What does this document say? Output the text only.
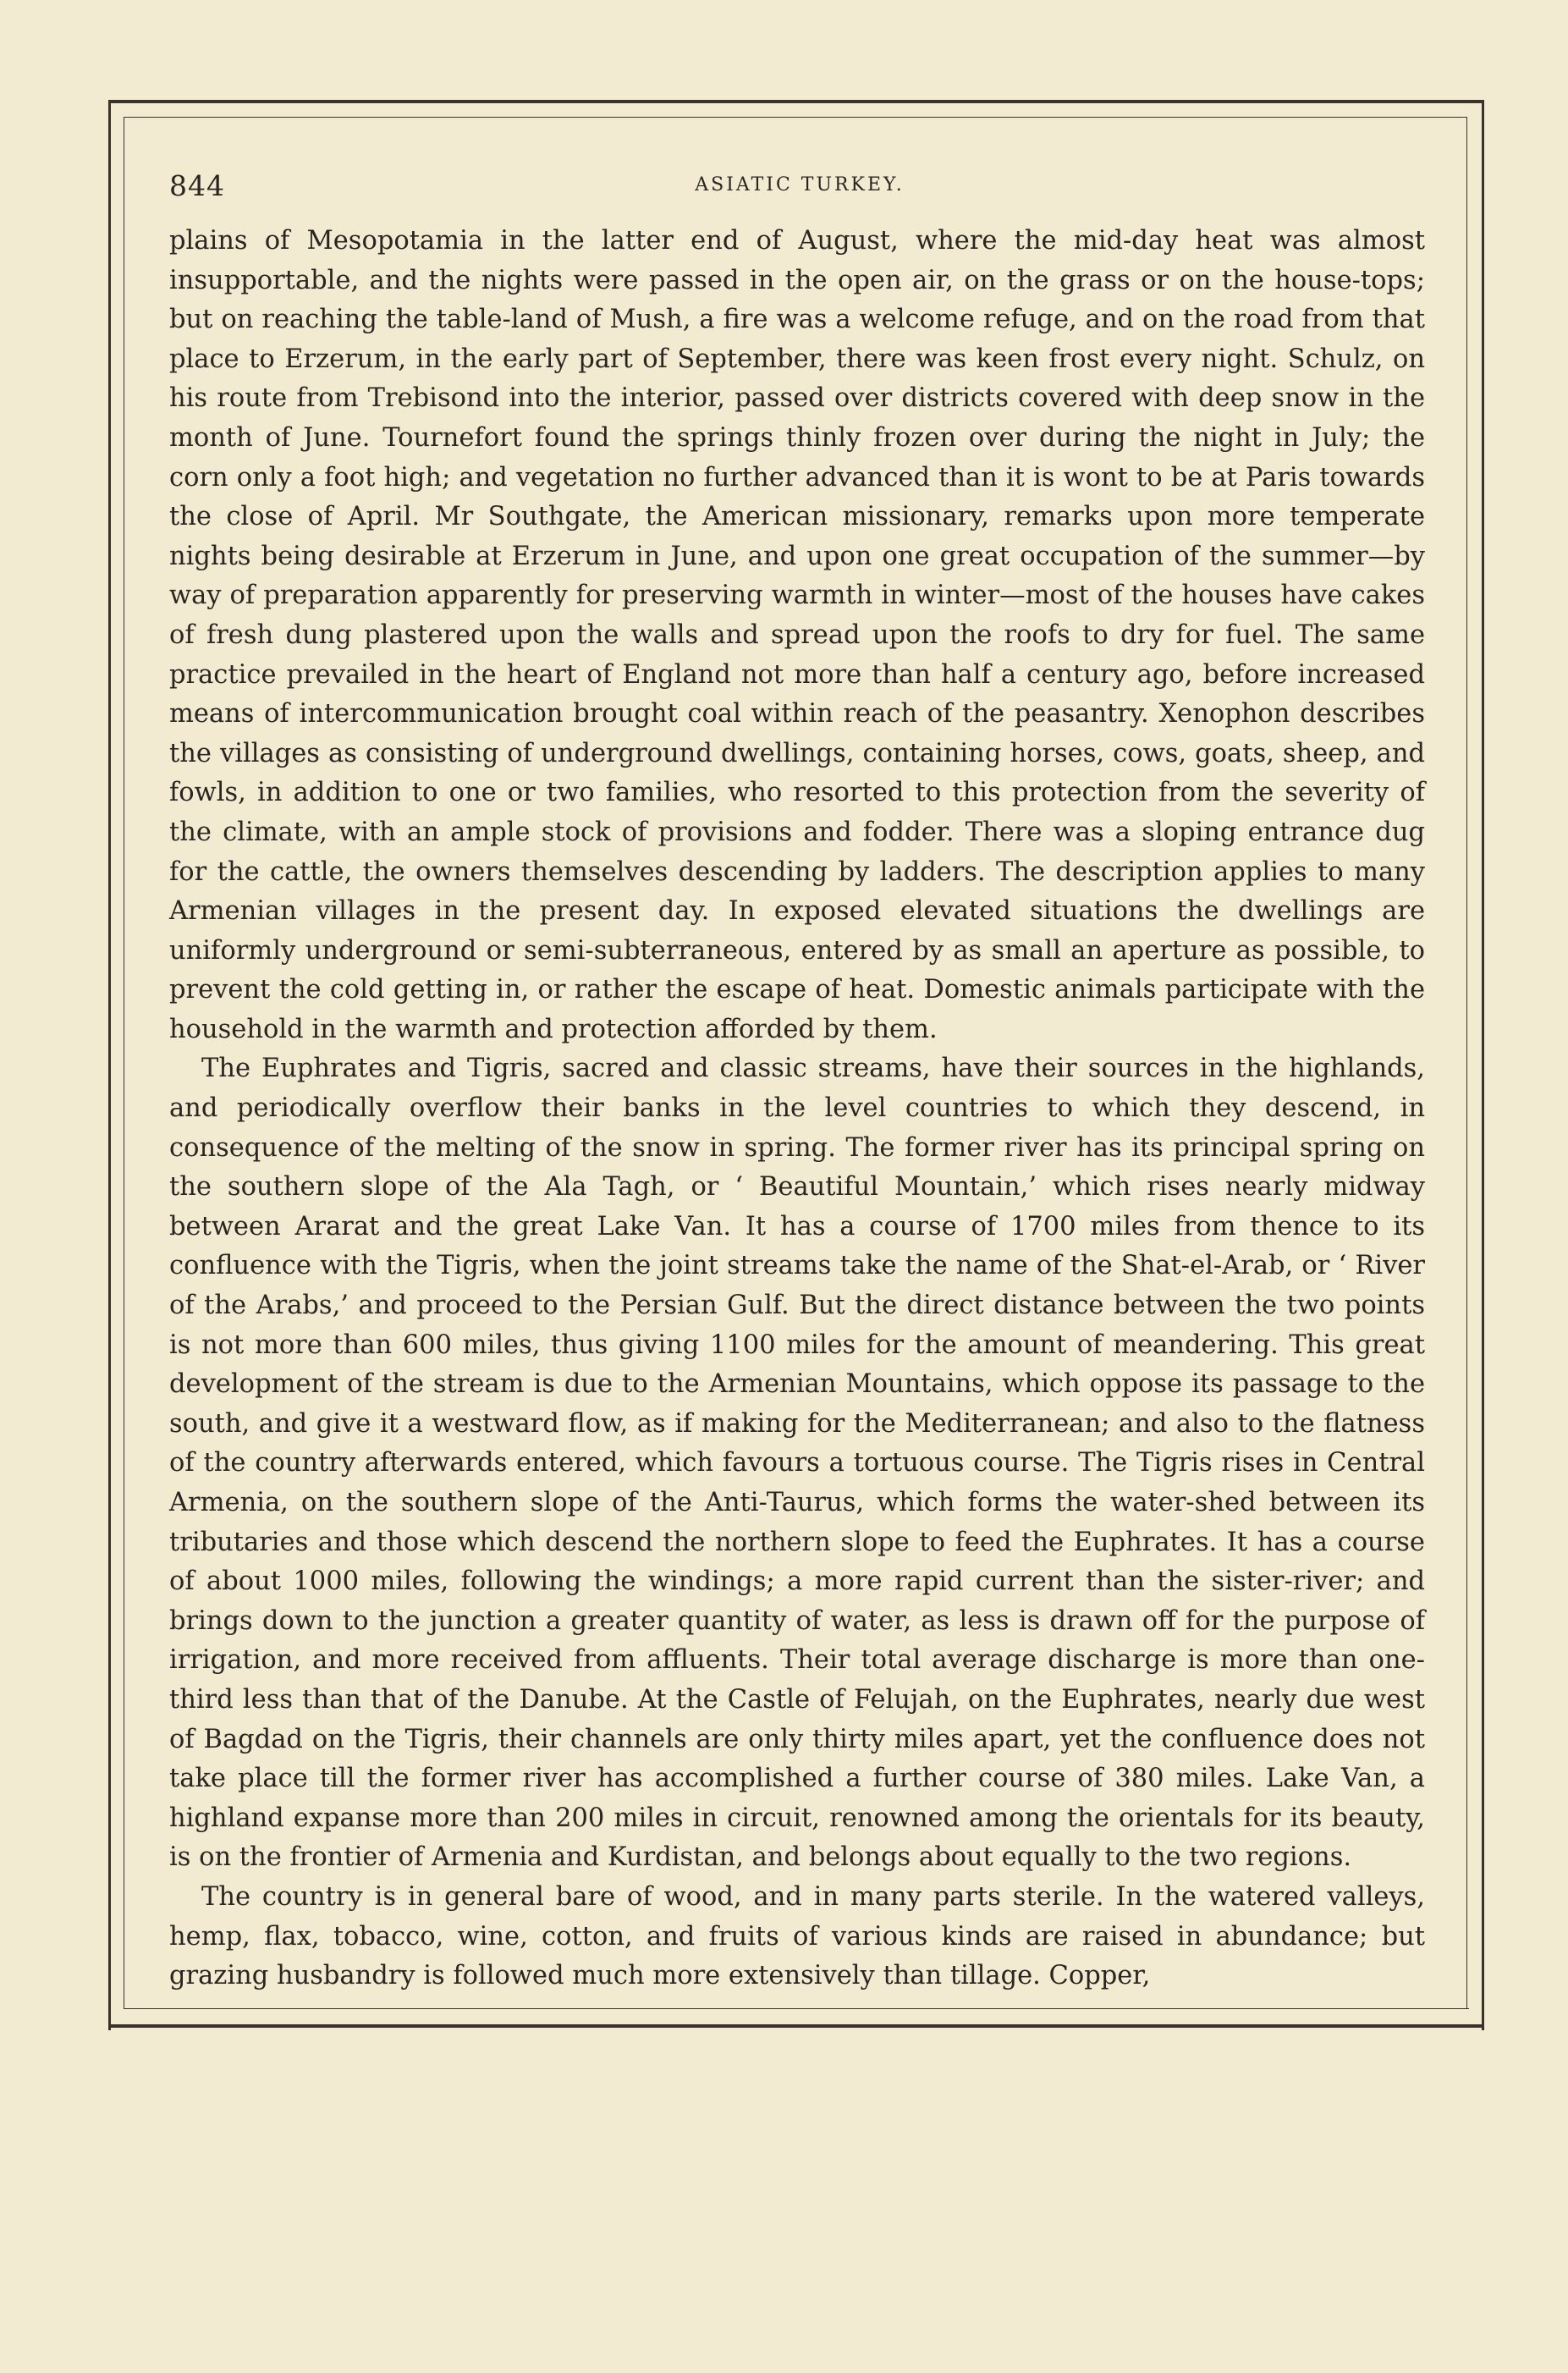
844	ASIATIC TURKEY.

plains of Mesopotamia in the latter end of August, where the mid-day heat was almost insupportable, and the nights were passed in the open air, on the grass or on the house-tops; but on reaching the table-land of Mush, a fire was a welcome refuge, and on the road from that place to Erzerum, in the early part of September, there was keen frost every night. Schulz, on his route from Trebisond into the interior, passed over districts covered with deep snow in the month of June. Tournefort found the springs thinly frozen over during the night in July; the corn only a foot high; and vegetation no further advanced than it is wont to be at Paris towards the close of April. Mr Southgate, the American missionary, remarks upon more temperate nights being desirable at Erzerum in June, and upon one great occupation of the summer—by way of preparation apparently for preserving warmth in winter—most of the houses have cakes of fresh dung plastered upon the walls and spread upon the roofs to dry for fuel. The same practice prevailed in the heart of England not more than half a century ago, before increased means of intercommunication brought coal within reach of the peasantry. Xenophon describes the villages as consisting of underground dwellings, containing horses, cows, goats, sheep, and fowls, in addition to one or two families, who resorted to this protection from the severity of the climate, with an ample stock of provisions and fodder. There was a sloping entrance dug for the cattle, the owners themselves descending by ladders. The description applies to many Armenian villages in the present day. In exposed elevated situations the dwellings are uniformly underground or semi-subterraneous, entered by as small an aperture as possible, to prevent the cold getting in, or rather the escape of heat. Domestic animals participate with the household in the warmth and protection afforded by them.

The Euphrates and Tigris, sacred and classic streams, have their sources in the highlands, and periodically overflow their banks in the level countries to which they descend, in consequence of the melting of the snow in spring. The former river has its principal spring on the southern slope of the Ala Tagh, or ‘ Beautiful Mountain,’ which rises nearly midway between Ararat and the great Lake Van. It has a course of 1700 miles from thence to its confluence with the Tigris, when the joint streams take the name of the Shat-el-Arab, or ‘ River of the Arabs,’ and proceed to the Persian Gulf. But the direct distance between the two points is not more than 600 miles, thus giving 1100 miles for the amount of meandering. This great development of the stream is due to the Armenian Mountains, which oppose its passage to the south, and give it a westward flow, as if making for the Mediterranean; and also to the flatness of the country afterwards entered, which favours a tortuous course. The Tigris rises in Central Armenia, on the southern slope of the Anti-Taurus, which forms the water-shed between its tributaries and those which descend the northern slope to feed the Euphrates. It has a course of about 1000 miles, following the windings; a more rapid current than the sister-river; and brings down to the junction a greater quantity of water, as less is drawn off for the purpose of irrigation, and more received from affluents. Their total average discharge is more than one-third less than that of the Danube. At the Castle of Felujah, on the Euphrates, nearly due west of Bagdad on the Tigris, their channels are only thirty miles apart, yet the confluence does not take place till the former river has accomplished a further course of 380 miles. Lake Van, a highland expanse more than 200 miles in circuit, renowned among the orientals for its beauty, is on the frontier of Armenia and Kurdistan, and belongs about equally to the two regions.

The country is in general bare of wood, and in many parts sterile. In the watered valleys, hemp, flax, tobacco, wine, cotton, and fruits of various kinds are raised in abundance; but grazing husbandry is followed much more extensively than tillage. Copper,
